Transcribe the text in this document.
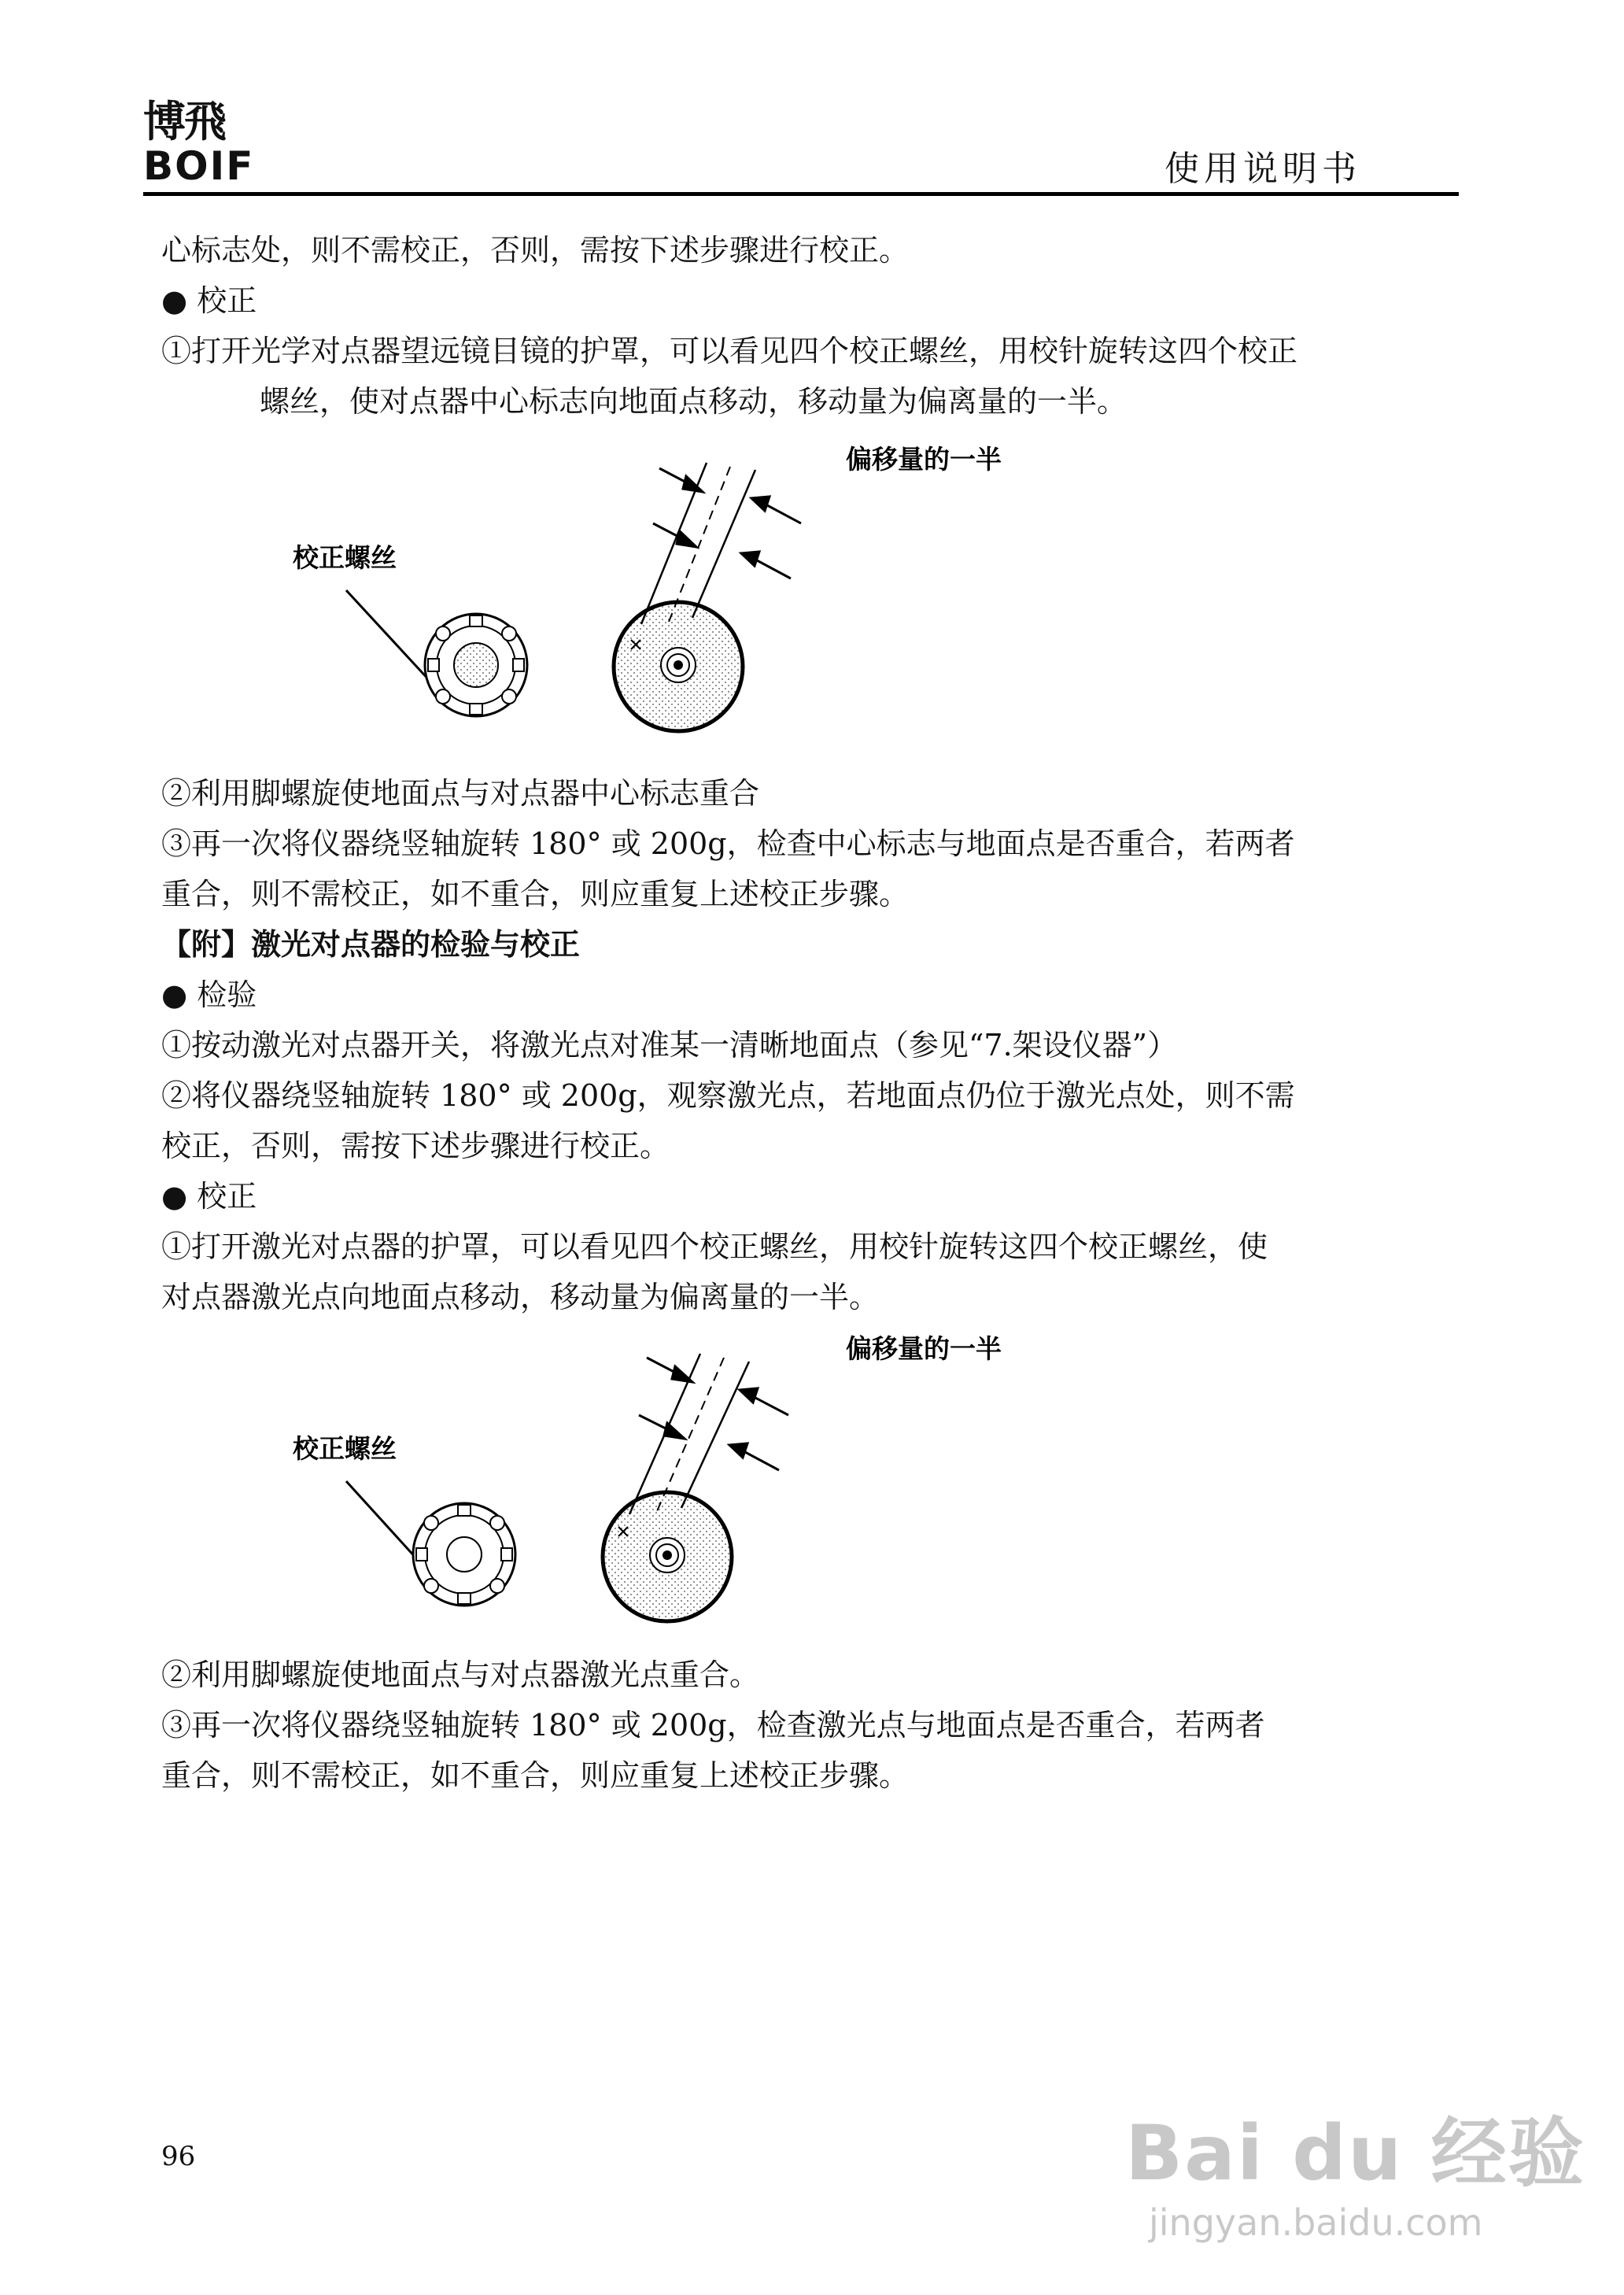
博飛
BOIF	使用说明书

心标志处，则不需校正，否则，需按下述步骤进行校正。

● 校正

①打开光学对点器望远镜目镜的护罩，可以看见四个校正螺丝，用校针旋转这四个校正

螺丝，使对点器中心标志向地面点移动，移动量为偏离量的一半。

偏移量的一半
校正螺丝

②利用脚螺旋使地面点与对点器中心标志重合

③再一次将仪器绕竖轴旋转 180° 或 200g，检查中心标志与地面点是否重合，若两者

重合，则不需校正，如不重合，则应重复上述校正步骤。

【附】激光对点器的检验与校正

● 检验

①按动激光对点器开关，将激光点对准某一清晰地面点（参见“7.架设仪器”）

②将仪器绕竖轴旋转 180° 或 200g，观察激光点，若地面点仍位于激光点处，则不需

校正，否则，需按下述步骤进行校正。

● 校正

①打开激光对点器的护罩，可以看见四个校正螺丝，用校针旋转这四个校正螺丝，使

对点器激光点向地面点移动，移动量为偏离量的一半。

偏移量的一半
校正螺丝

②利用脚螺旋使地面点与对点器激光点重合。

③再一次将仪器绕竖轴旋转 180° 或 200g，检查激光点与地面点是否重合，若两者

重合，则不需校正，如不重合，则应重复上述校正步骤。

96	Bai du 经验
jingyan.baidu.com
